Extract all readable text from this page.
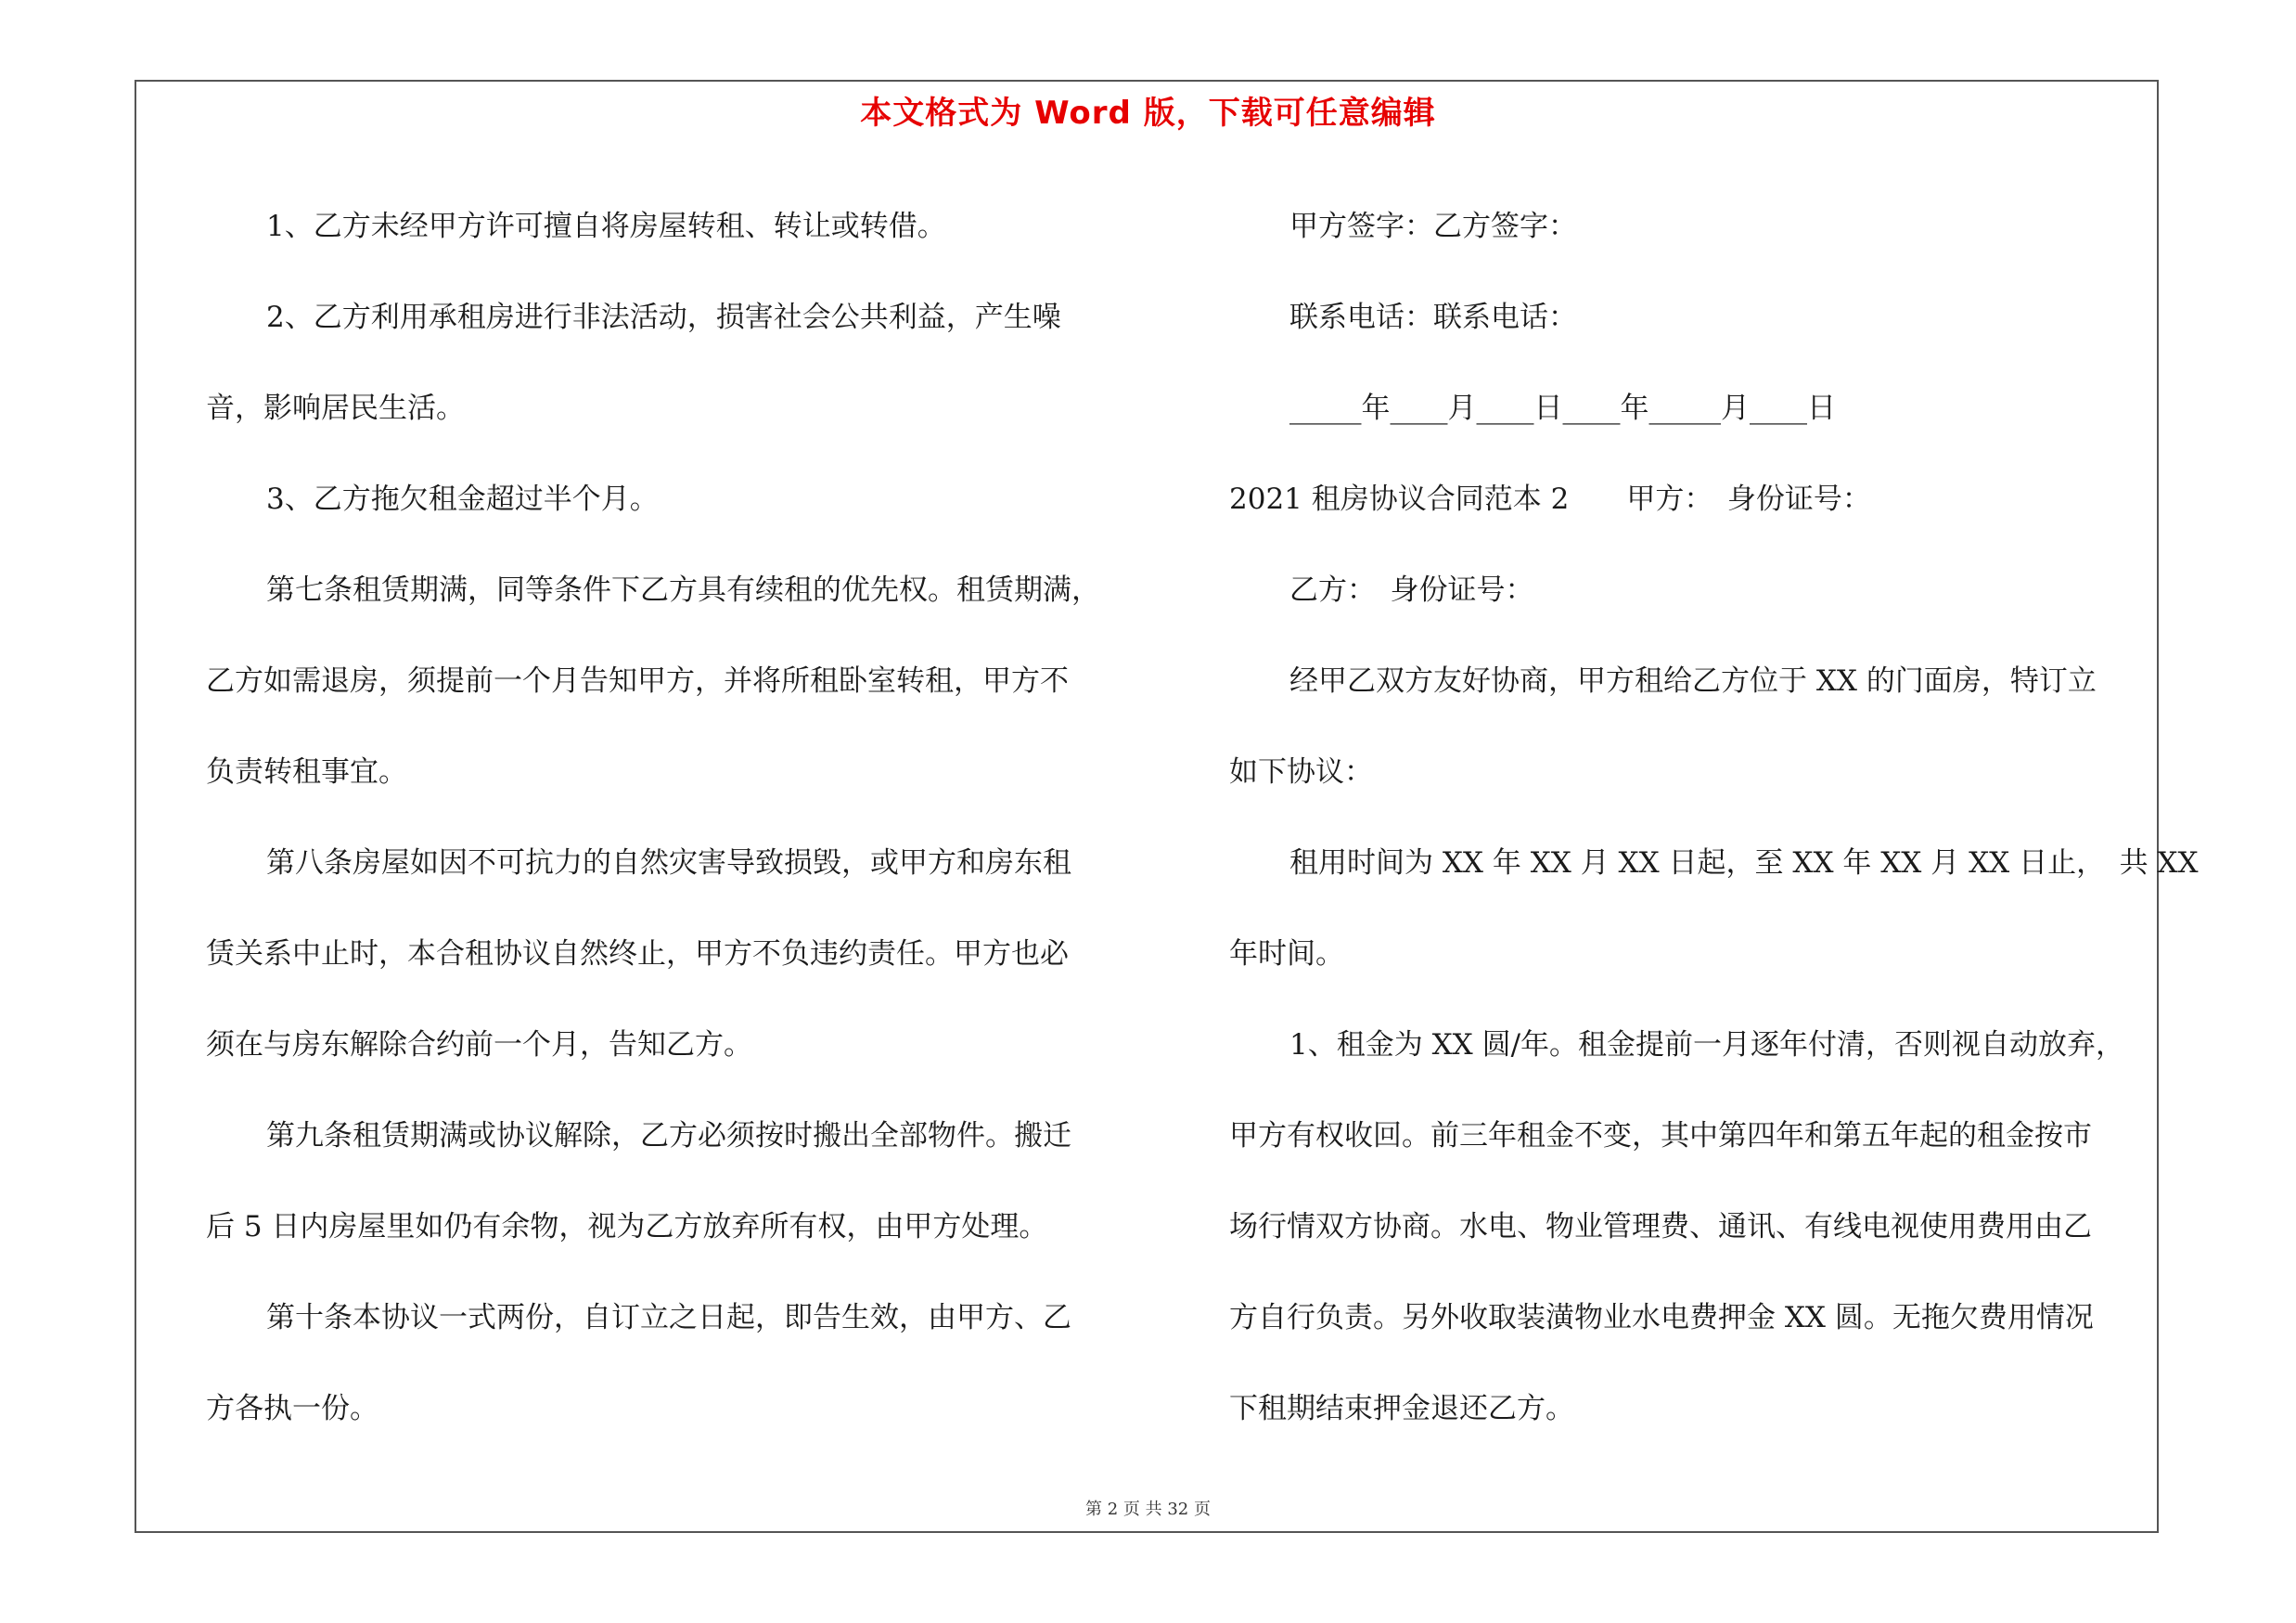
本文格式为 Word 版，下载可任意编辑
1、乙方未经甲方许可擅自将房屋转租、转让或转借。
2、乙方利用承租房进行非法活动，损害社会公共利益，产生噪
音，影响居民生活。
3、乙方拖欠租金超过半个月。
第七条租赁期满，同等条件下乙方具有续租的优先权。租赁期满，
乙方如需退房，须提前一个月告知甲方，并将所租卧室转租，甲方不
负责转租事宜。
第八条房屋如因不可抗力的自然灾害导致损毁，或甲方和房东租
赁关系中止时，本合租协议自然终止，甲方不负违约责任。甲方也必
须在与房东解除合约前一个月，告知乙方。
第九条租赁期满或协议解除，乙方必须按时搬出全部物件。搬迁
后 5 日内房屋里如仍有余物，视为乙方放弃所有权，由甲方处理。
第十条本协议一式两份，自订立之日起，即告生效，由甲方、乙
方各执一份。
甲方签字：乙方签字：
联系电话：联系电话：
_____年____月____日____年_____月____日
2021 租房协议合同范本 2　　甲方：　身份证号：
乙方：　身份证号：
经甲乙双方友好协商，甲方租给乙方位于 XX 的门面房，特订立
如下协议：
租用时间为 XX 年 XX 月 XX 日起，至 XX 年 XX 月 XX 日止，　共 XX
年时间。
1、租金为 XX 圆/年。租金提前一月逐年付清，否则视自动放弃，
甲方有权收回。前三年租金不变，其中第四年和第五年起的租金按市
场行情双方协商。水电、物业管理费、通讯、有线电视使用费用由乙
方自行负责。另外收取装潢物业水电费押金 XX 圆。无拖欠费用情况
下租期结束押金退还乙方。
第 2 页 共 32 页
